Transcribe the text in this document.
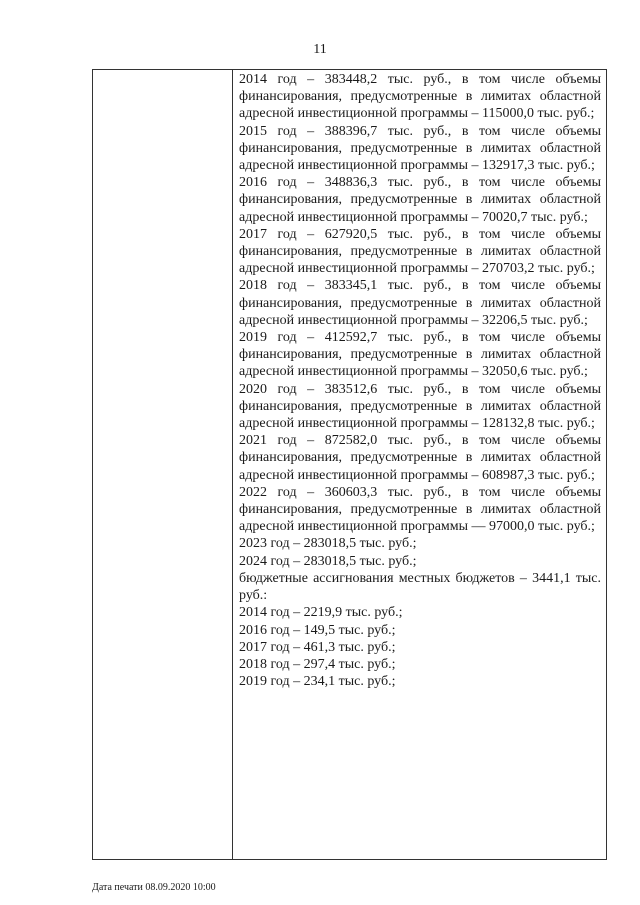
11
2014 год – 383448,2 тыс. руб., в том числе объемы финансирования, предусмотренные в лимитах областной адресной инвестиционной программы – 115000,0 тыс. руб.;
2015 год – 388396,7 тыс. руб., в том числе объемы финансирования, предусмотренные в лимитах областной адресной инвестиционной программы – 132917,3 тыс. руб.;
2016 год – 348836,3 тыс. руб., в том числе объемы финансирования, предусмотренные в лимитах областной адресной инвестиционной программы – 70020,7 тыс. руб.;
2017 год – 627920,5 тыс. руб., в том числе объемы финансирования, предусмотренные в лимитах областной адресной инвестиционной программы – 270703,2 тыс. руб.;
2018 год – 383345,1 тыс. руб., в том числе объемы финансирования, предусмотренные в лимитах областной адресной инвестиционной программы – 32206,5 тыс. руб.;
2019 год – 412592,7 тыс. руб., в том числе объемы финансирования, предусмотренные в лимитах областной адресной инвестиционной программы – 32050,6 тыс. руб.;
2020 год – 383512,6 тыс. руб., в том числе объемы финансирования, предусмотренные в лимитах областной адресной инвестиционной программы – 128132,8 тыс. руб.;
2021 год – 872582,0 тыс. руб., в том числе объемы финансирования, предусмотренные в лимитах областной адресной инвестиционной программы – 608987,3 тыс. руб.;
2022 год – 360603,3 тыс. руб., в том числе объемы финансирования, предусмотренные в лимитах областной адресной инвестиционной программы — 97000,0 тыс. руб.;
2023 год – 283018,5 тыс. руб.;
2024 год – 283018,5 тыс. руб.;
бюджетные ассигнования местных бюджетов – 3441,1 тыс. руб.:
2014 год – 2219,9 тыс. руб.;
2016 год – 149,5 тыс. руб.;
2017 год – 461,3 тыс. руб.;
2018 год – 297,4 тыс. руб.;
2019 год – 234,1 тыс. руб.;
Дата печати 08.09.2020 10:00
